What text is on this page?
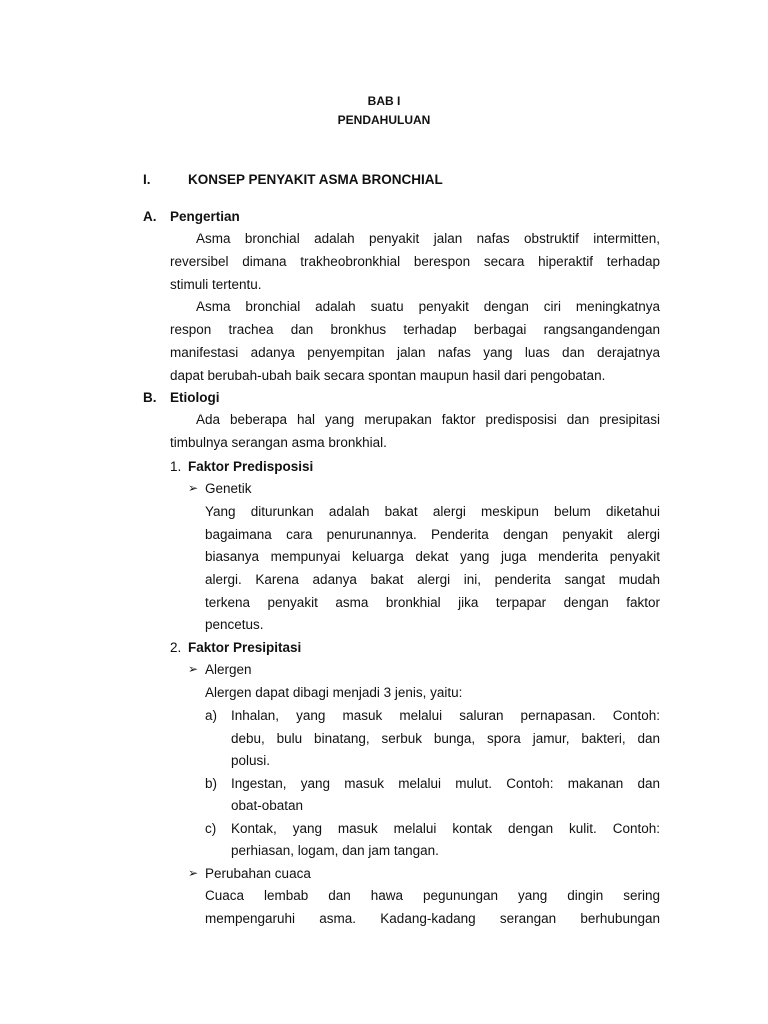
BAB I
PENDAHULUAN
I.	KONSEP PENYAKIT ASMA BRONCHIAL
A. Pengertian
Asma bronchial adalah penyakit jalan nafas obstruktif intermitten,
reversibel dimana trakheobronkhial berespon secara hiperaktif terhadap
stimuli tertentu.
Asma bronchial adalah suatu penyakit dengan ciri meningkatnya
respon trachea dan bronkhus terhadap berbagai rangsangandengan
manifestasi adanya penyempitan jalan nafas yang luas dan derajatnya
dapat berubah-ubah baik secara spontan maupun hasil dari pengobatan.
B. Etiologi
Ada beberapa hal yang merupakan faktor predisposisi dan presipitasi
timbulnya serangan asma bronkhial.
1. Faktor Predisposisi
➢ Genetik
Yang diturunkan adalah bakat alergi meskipun belum diketahui
bagaimana cara penurunannya. Penderita dengan penyakit alergi
biasanya mempunyai keluarga dekat yang juga menderita penyakit
alergi. Karena adanya bakat alergi ini, penderita sangat mudah
terkena penyakit asma bronkhial jika terpapar dengan faktor
pencetus.
2. Faktor Presipitasi
➢ Alergen
Alergen dapat dibagi menjadi 3 jenis, yaitu:
a) Inhalan, yang masuk melalui saluran pernapasan. Contoh:
debu, bulu binatang, serbuk bunga, spora jamur, bakteri, dan
polusi.
b) Ingestan, yang masuk melalui mulut. Contoh: makanan dan
obat-obatan
c) Kontak, yang masuk melalui kontak dengan kulit. Contoh:
perhiasan, logam, dan jam tangan.
➢ Perubahan cuaca
Cuaca lembab dan hawa pegunungan yang dingin sering
mempengaruhi asma. Kadang-kadang serangan berhubungan
